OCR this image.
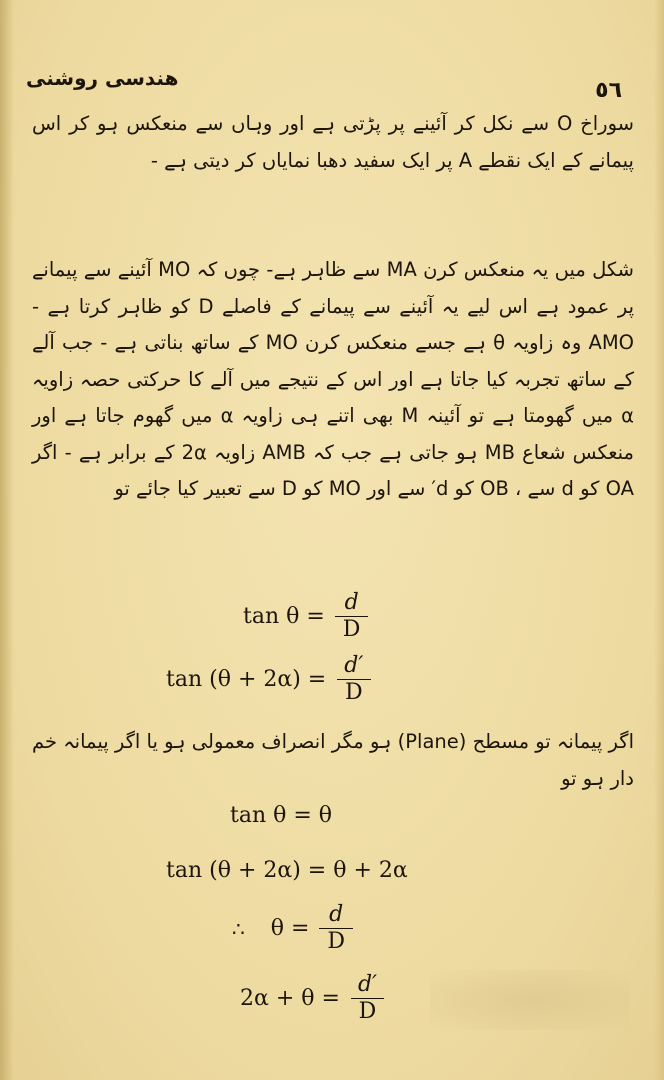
هندسی روشنی	٥٦

سوراخ O سے نکل کر آئینے پر پڑتی ہے اور وہاں سے منعکس ہو کر اس پیمانے کے ایک نقطے A پر ایک سفید دھبا نمایاں کر دیتی ہے -

شکل میں یہ منعکس کرن MA سے ظاہر ہے- چوں کہ MO آئینے سے پیمانے پر عمود ہے اس لیے یہ آئینے سے پیمانے کے فاصلے D کو ظاہر کرتا ہے - AMO وہ زاویہ θ ہے جسے منعکس کرن MO کے ساتھ بناتی ہے - جب آلے کے ساتھ تجربہ کیا جاتا ہے اور اس کے نتیجے میں آلے کا حرکتی حصہ زاویہ α میں گھومتا ہے تو آئینہ M بھی اتنے ہی زاویہ α میں گھوم جاتا ہے اور منعکس شعاع MB ہو جاتی ہے جب کہ AMB زاویہ 2α کے برابر ہے - اگر OA کو d سے ، OB کو d′ سے اور MO کو D سے تعبیر کیا جائے تو

$\tan \theta = \frac{d}{D}$
$\tan (\theta + 2\alpha) = \frac{d'}{D}$

اگر پیمانہ تو مسطح (Plane) ہو مگر انصراف معمولی ہو یا اگر پیمانہ خم دار ہو تو

tan θ = θ
tan (θ + 2α) = θ + 2α
∴ $\theta = \frac{d}{D}$
$2\alpha + \theta = \frac{d'}{D}$
